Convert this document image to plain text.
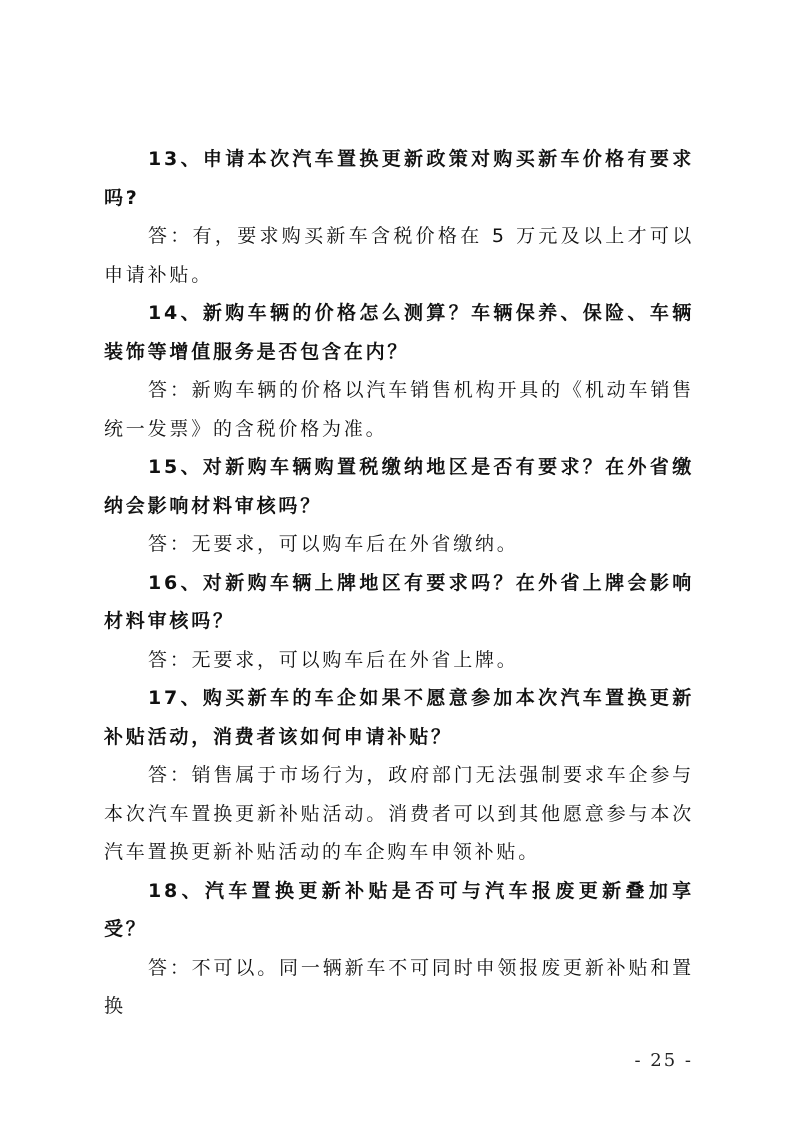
13、申请本次汽车置换更新政策对购买新车价格有要求吗?

答：有，要求购买新车含税价格在 5 万元及以上才可以申请补贴。

14、新购车辆的价格怎么测算？车辆保养、保险、车辆装饰等增值服务是否包含在内？

答：新购车辆的价格以汽车销售机构开具的《机动车销售统一发票》的含税价格为准。

15、对新购车辆购置税缴纳地区是否有要求？在外省缴纳会影响材料审核吗？

答：无要求，可以购车后在外省缴纳。

16、对新购车辆上牌地区有要求吗？在外省上牌会影响材料审核吗？

答：无要求，可以购车后在外省上牌。

17、购买新车的车企如果不愿意参加本次汽车置换更新补贴活动，消费者该如何申请补贴？

答：销售属于市场行为，政府部门无法强制要求车企参与本次汽车置换更新补贴活动。消费者可以到其他愿意参与本次汽车置换更新补贴活动的车企购车申领补贴。

18、汽车置换更新补贴是否可与汽车报废更新叠加享受？

答：不可以。同一辆新车不可同时申领报废更新补贴和置换

- 25 -
